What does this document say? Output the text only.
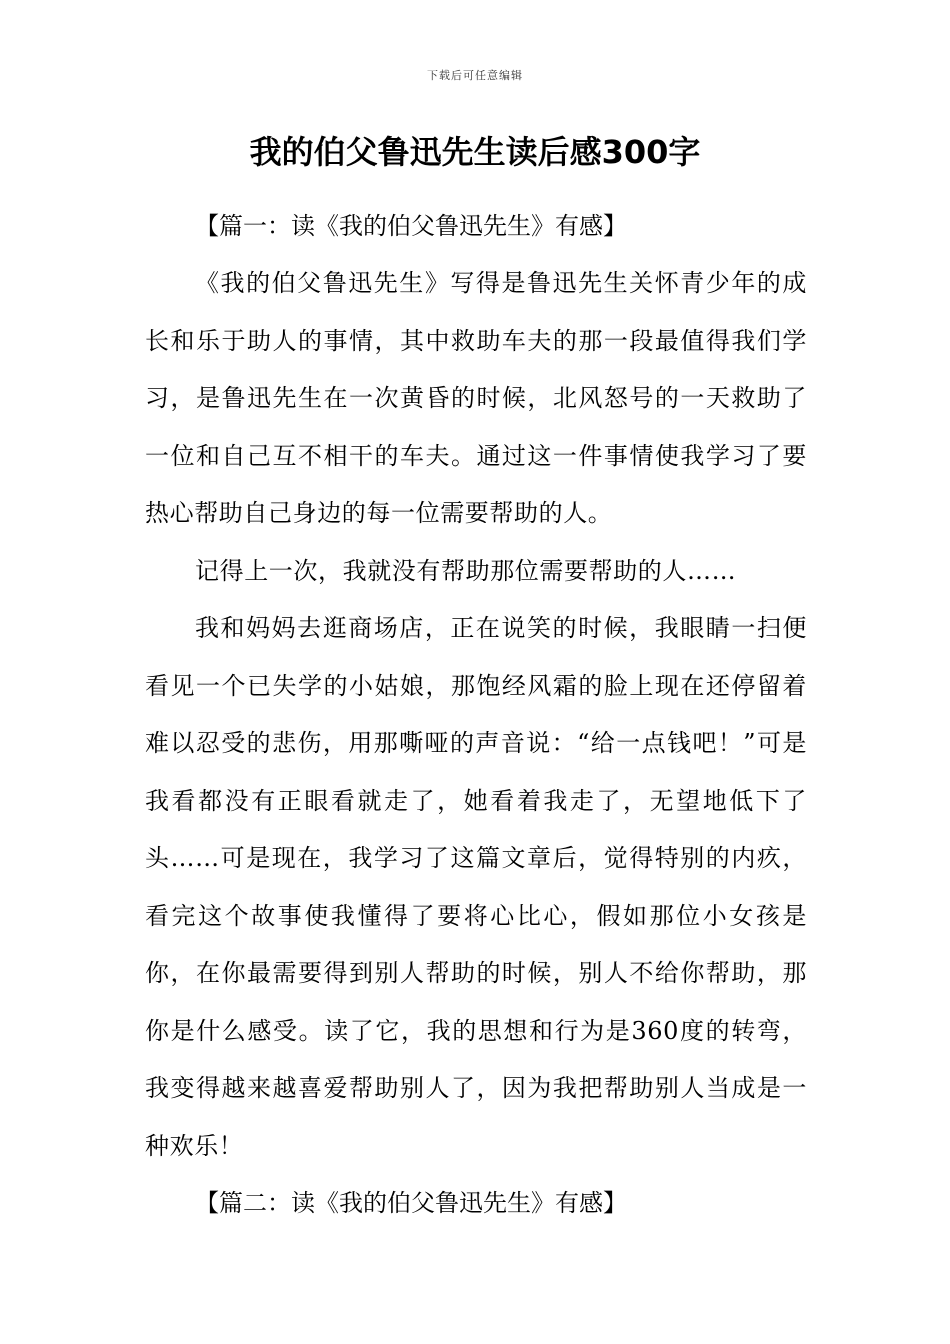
下载后可任意编辑
我的伯父鲁迅先生读后感300字
【篇一：读《我的伯父鲁迅先生》有感】

《我的伯父鲁迅先生》写得是鲁迅先生关怀青少年的成长和乐于助人的事情，其中救助车夫的那一段最值得我们学习，是鲁迅先生在一次黄昏的时候，北风怒号的一天救助了一位和自己互不相干的车夫。通过这一件事情使我学习了要热心帮助自己身边的每一位需要帮助的人。

记得上一次，我就没有帮助那位需要帮助的人……

我和妈妈去逛商场店，正在说笑的时候，我眼睛一扫便看见一个已失学的小姑娘，那饱经风霜的脸上现在还停留着难以忍受的悲伤，用那嘶哑的声音说：“给一点钱吧！”可是我看都没有正眼看就走了，她看着我走了，无望地低下了头……可是现在，我学习了这篇文章后，觉得特别的内疚，看完这个故事使我懂得了要将心比心，假如那位小女孩是你，在你最需要得到别人帮助的时候，别人不给你帮助，那你是什么感受。读了它，我的思想和行为是360度的转弯，我变得越来越喜爱帮助别人了，因为我把帮助别人当成是一种欢乐！

【篇二：读《我的伯父鲁迅先生》有感】
